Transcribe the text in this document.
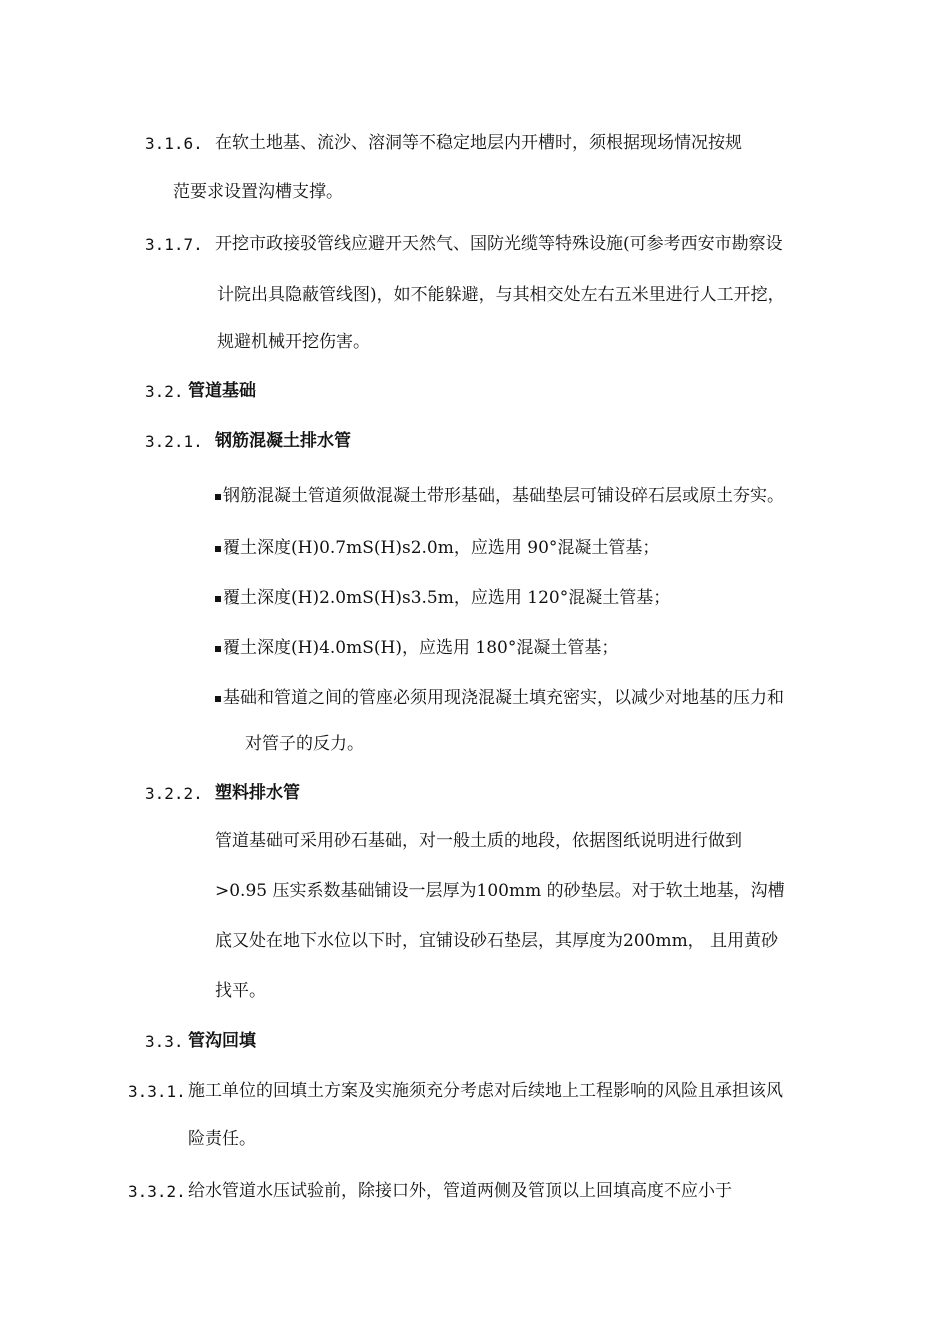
3.1.6. 在软土地基、流沙、溶洞等不稳定地层内开槽时，须根据现场情况按规
范要求设置沟槽支撑。
3.1.7. 开挖市政接驳管线应避开天然气、国防光缆等特殊设施(可参考西安市勘察设
计院出具隐蔽管线图)，如不能躲避，与其相交处左右五米里进行人工开挖，
规避机械开挖伤害。
3.2. 管道基础
3.2.1. 钢筋混凝土排水管
钢筋混凝土管道须做混凝土带形基础，基础垫层可铺设碎石层或原土夯实。
覆土深度(H)0.7mS(H)s2.0m，应选用 90°混凝土管基；
覆土深度(H)2.0mS(H)s3.5m，应选用 120°混凝土管基；
覆土深度(H)4.0mS(H)，应选用 180°混凝土管基；
基础和管道之间的管座必须用现浇混凝土填充密实，以减少对地基的压力和
对管子的反力。
3.2.2. 塑料排水管
管道基础可采用砂石基础，对一般土质的地段，依据图纸说明进行做到
>0.95 压实系数基础铺设一层厚为100mm 的砂垫层。对于软土地基，沟槽
底又处在地下水位以下时，宜铺设砂石垫层，其厚度为200mm， 且用黄砂
找平。
3.3. 管沟回填
3.3.1. 施工单位的回填土方案及实施须充分考虑对后续地上工程影响的风险且承担该风
险责任。
3.3.2. 给水管道水压试验前，除接口外，管道两侧及管顶以上回填高度不应小于
